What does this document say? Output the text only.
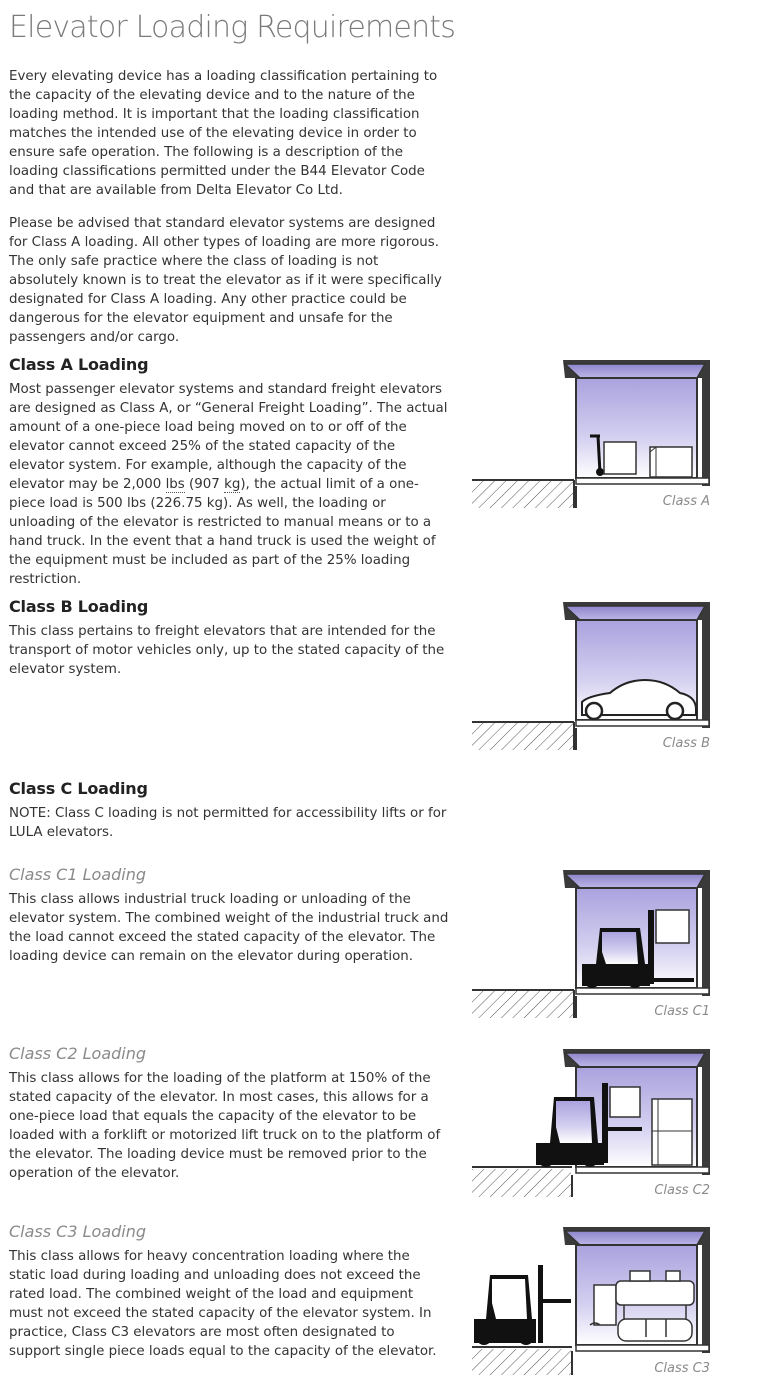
Elevator Loading Requirements

Every elevating device has a loading classification pertaining to the capacity of the elevating device and to the nature of the loading method. It is important that the loading classification matches the intended use of the elevating device in order to ensure safe operation. The following is a description of the loading classifications permitted under the B44 Elevator Code and that are available from Delta Elevator Co Ltd.

Please be advised that standard elevator systems are designed for Class A loading. All other types of loading are more rigorous. The only safe practice where the class of loading is not absolutely known is to treat the elevator as if it were specifically designated for Class A loading. Any other practice could be dangerous for the elevator equipment and unsafe for the passengers and/or cargo.

Class A Loading

Most passenger elevator systems and standard freight elevators are designed as Class A, or “General Freight Loading”. The actual amount of a one-piece load being moved on to or off of the elevator cannot exceed 25% of the stated capacity of the elevator system. For example, although the capacity of the elevator may be 2,000 lbs (907 kg), the actual limit of a one-piece load is 500 lbs (226.75 kg). As well, the loading or unloading of the elevator is restricted to manual means or to a hand truck. In the event that a hand truck is used the weight of the equipment must be included as part of the 25% loading restriction.

Class A
Class B Loading

This class pertains to freight elevators that are intended for the transport of motor vehicles only, up to the stated capacity of the elevator system.

Class B
Class C Loading

NOTE: Class C loading is not permitted for accessibility lifts or for LULA elevators.

Class C1 Loading

This class allows industrial truck loading or unloading of the elevator system. The combined weight of the industrial truck and the load cannot exceed the stated capacity of the elevator. The loading device can remain on the elevator during operation.

Class C1
Class C2 Loading

This class allows for the loading of the platform at 150% of the stated capacity of the elevator. In most cases, this allows for a one-piece load that equals the capacity of the elevator to be loaded with a forklift or motorized lift truck on to the platform of the elevator. The loading device must be removed prior to the operation of the elevator.

Class C2
Class C3 Loading

This class allows for heavy concentration loading where the static load during loading and unloading does not exceed the rated load. The combined weight of the load and equipment must not exceed the stated capacity of the elevator system. In practice, Class C3 elevators are most often designated to support single piece loads equal to the capacity of the elevator.

Class C3
